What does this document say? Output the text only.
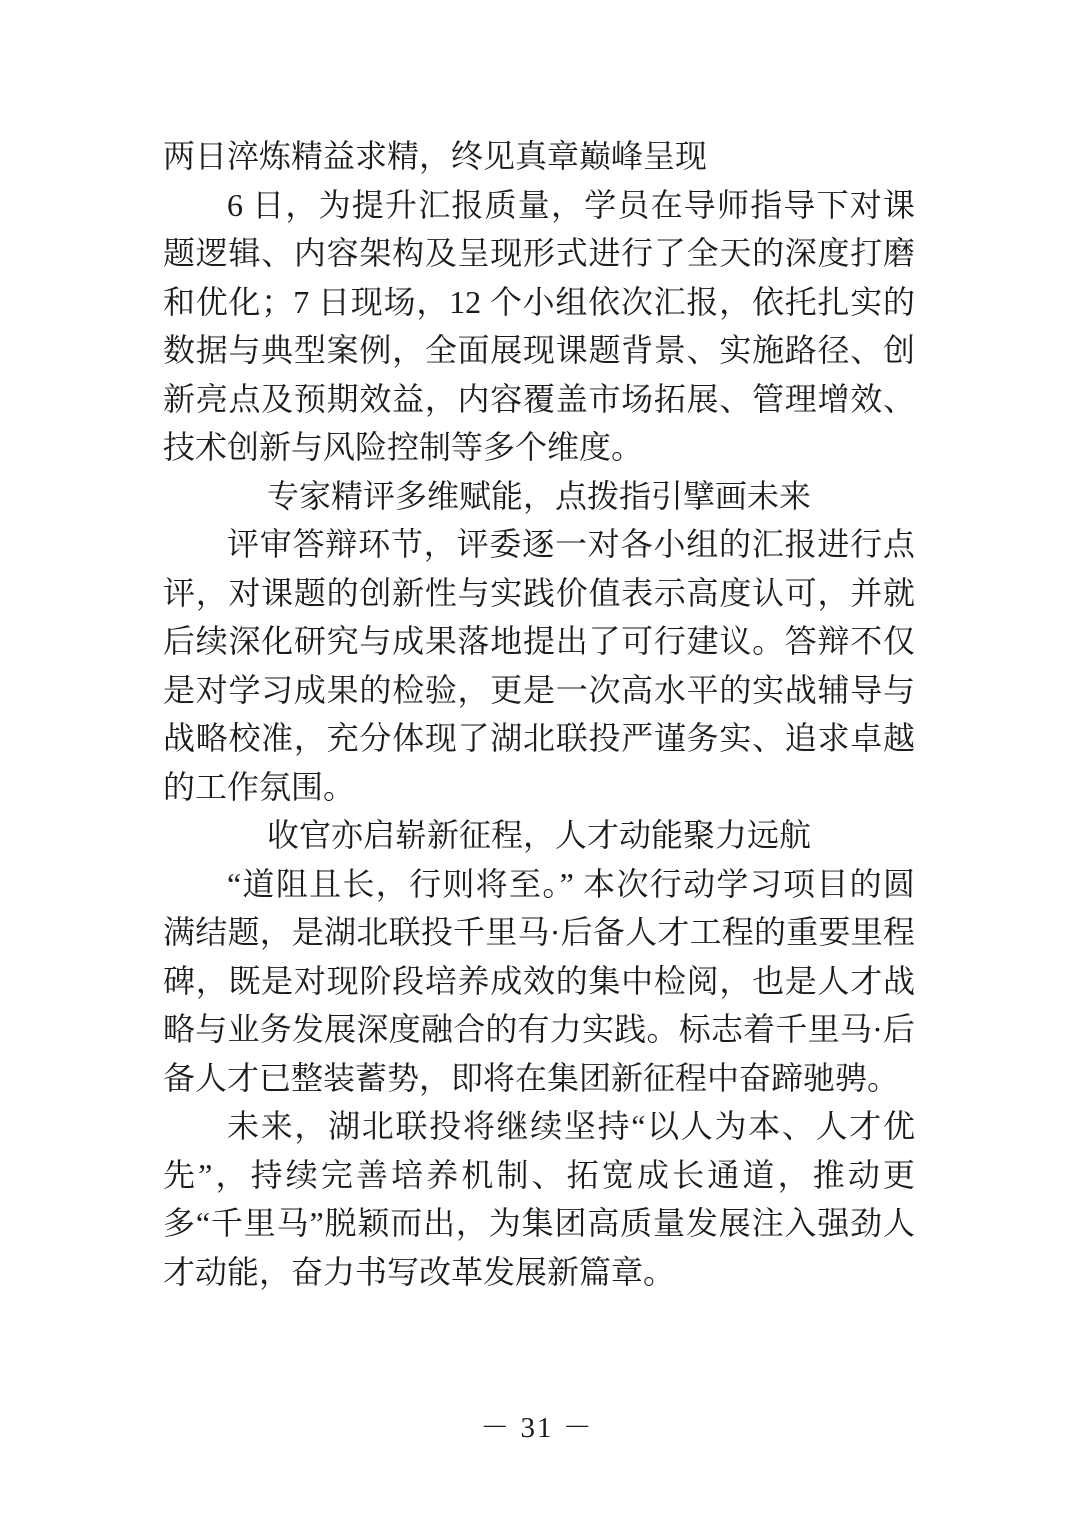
两日淬炼精益求精，终见真章巅峰呈现

6 日，为提升汇报质量，学员在导师指导下对课题逻辑、内容架构及呈现形式进行了全天的深度打磨和优化；7 日现场，12 个小组依次汇报，依托扎实的数据与典型案例，全面展现课题背景、实施路径、创新亮点及预期效益，内容覆盖市场拓展、管理增效、技术创新与风险控制等多个维度。

专家精评多维赋能，点拨指引擘画未来

评审答辩环节，评委逐一对各小组的汇报进行点评，对课题的创新性与实践价值表示高度认可，并就后续深化研究与成果落地提出了可行建议。答辩不仅是对学习成果的检验，更是一次高水平的实战辅导与战略校准，充分体现了湖北联投严谨务实、追求卓越的工作氛围。

收官亦启崭新征程，人才动能聚力远航

“道阻且长，行则将至。” 本次行动学习项目的圆满结题，是湖北联投千里马·后备人才工程的重要里程碑，既是对现阶段培养成效的集中检阅，也是人才战略与业务发展深度融合的有力实践。标志着千里马·后备人才已整装蓄势，即将在集团新征程中奋蹄驰骋。

未来，湖北联投将继续坚持“以人为本、人才优先”，持续完善培养机制、拓宽成长通道，推动更多“千里马”脱颖而出，为集团高质量发展注入强劲人才动能，奋力书写改革发展新篇章。

－ 31 －
